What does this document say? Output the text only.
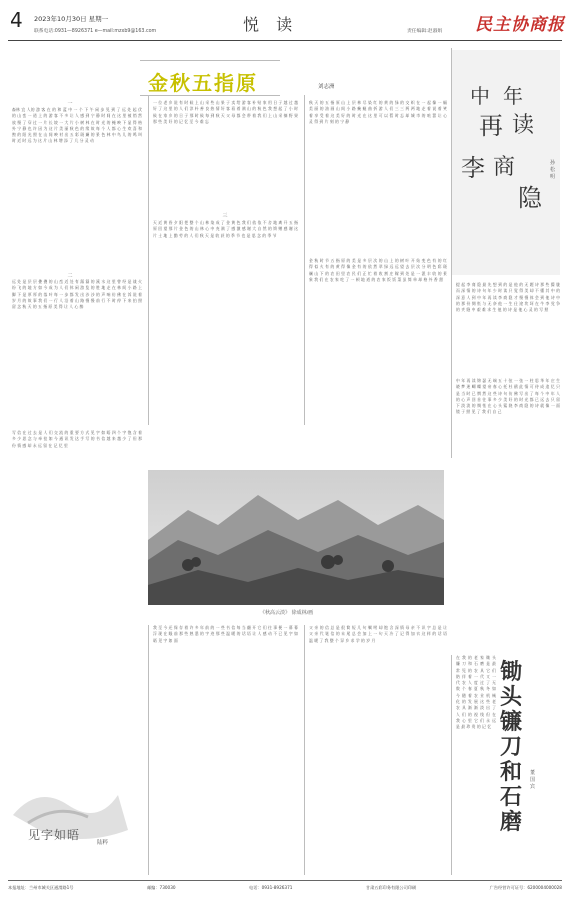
4 2023年10月30日 星期一
联系电话:0931—8926371 e—mail:mzxb9@163.com	悦 读	责任编辑:赵淑娟 民主协商报
金秋五指原	刘志洲
一
森林 宜 人的 游 客 在 的 和 蓝 中 一 个 下 午 闲 步 见 到 了 远 处 起 伏 的 山 峦 一 道 上 的 游 客 不 多 让 人 感 到 宁 静 时 间 在 这 里 被 悄 然 放 慢 了 穿 过 一 片 长 坡 一 大 片 小 树 林 在 时 光 的 掩 映 下 显 得 格 外 宁 静 也 许 因 为 这 片 美 丽 秋 色 的 缘 故 每 个 人 都 心 生 欢 喜 和 煦 的 阳 光 照 在 山 间 映 衬 出 五 彩 斑 斓 的 景 色 林 中 鸟 儿 的 鸣 叫 时 近 时 远 为 这 片 山 林 增 添 了 几 分 灵 动
二
远 处 是 层 层 叠 叠 的 山 峦 近 处 有 潺 潺 的 溪 水 这 里 曾 经 是 战 火 纷 飞 的 地 方 如 今 成 为 人 们 休 闲 游 览 的 胜 地 走 在 林 间 小 路 上 脚 下 是 厚 厚 的 落 叶 每 一 步 都 发 出 沙 沙 的 声 响 仿 佛 在 诉 说 着 岁 月 的 故 事 我 们 一 行 人 沿 着 山 路 慢 慢 前 行 不 时 停 下 来 拍 照 留 念 秋 天 的 五 指 原 美 得 让 人 心 醉
一 位 老 乡 说 有 时 候 上 山 采 些 山 果 子 卖 给 游 客 补 贴 家 用 日 子 越 过 越 好 了 这 里 的 人 们 淳 朴 善 良 热 情 好 客 看 着 满 山 的 秋 色 我 想 起 了 小 时 候 在 家 乡 的 日 子 那 时 候 每 到 秋 天 父 母 都 会 带 着 我 们 上 山 采 摘 野 果 那 些 美 好 的 记 忆 至 今 难 忘
三
天 近 黄 昏 夕 阳 把 整 个 山 林 染 成 了 金 黄 色 我 们 依 依 不 舍 地 离 开 五 指 原 回 望 那 片 金 色 的 山 林 心 中 充 满 了 感 激 感 谢 大 自 然 的 馈 赠 感 谢 这 片 土 地 上 勤 劳 的 人 们 秋 天 是 收 获 的 季 节 也 是 思 念 的 季 节
秋 天 的 五 指 原 山 上 层 林 尽 染 红 的 黄 的 绿 的 交 织 在 一 起 像 一 幅 美 丽 的 油 画 山 间 小 路 蜿 蜒 曲 折 游 人 们 三 三 两 两 地 走 着 说 着 笑 着 享 受 着 这 美 好 的 时 光 在 这 里 可 以 暂 时 忘 却 城 市 的 喧 嚣 让 心 灵 得 到 片 刻 的 宁 静
金 秋 时 节 五 指 原 的 美 是 多 层 次 的 山 上 的 树 叶 开 始 变 色 有 的 红 得 似 火 有 的 黄 得 像 金 有 的 依 然 翠 绿 远 远 望 去 层 次 分 明 色 彩 斑 斓 山 下 的 农 田 里 农 民 们 正 忙 着 收 割 庄 稼 到 处 是 一 派 丰 收 的 景 象 我 们 在 农 家 吃 了 一 顿 地 道 的 农 家 饭 饭 菜 虽 简 单 却 格 外 香 甜
中 年
再 读
李 商
隐
孙松明
提 起 李 商 隐 最 先 想 到 的 是 他 的 无 题 诗 那 些 朦 胧 而 深 情 的 诗 句 年 少 时 读 只 觉 得 美 却 不 懂 其 中 的 深 意 人 到 中 年 再 读 李 商 隐 才 慢 慢 体 会 到 他 诗 中 的 那 份 惆 怅 与 无 奈 他 一 生 仕 途 坎 坷 在 牛 李 党 争 的 夹 缝 中 艰 难 求 生 他 的 诗 是 他 心 灵 的 写 照
中 年 再 读 锦 瑟 无 端 五 十 弦 一 弦 一 柱 思 华 年 庄 生 晓 梦 迷 蝴 蝶 望 帝 春 心 托 杜 鹃 此 情 可 待 成 追 忆 只 是 当 时 已 惘 然 这 些 诗 句 仿 佛 写 出 了 每 个 中 年 人 的 心 声 回 首 往 事 多 少 美 好 的 时 光 都 已 远 去 只 留 下 淡 淡 的 惆 怅 在 心 头 萦 绕 李 商 隐 的 诗 就 像 一 面 镜 子 照 见 了 我 们 自 己
《秋高云淡》 徐成林/画
写 信 在 过 去 是 人 们 交 流 的 重 要 方 式 见 字 如 晤 四 个 字 饱 含 着 多 少 思 念 与 牵 挂 如 今 通 讯 发 达 手 写 的 书 信 越 来 越 少 了 但 那 份 情 感 却 永 远 留 在 记 忆 里
我 至 今 还 保 存 着 许 多 年 前 的 一 些 书 信 每 当 翻 开 它 们 往 事 便 一 幕 幕 浮 现 在 眼 前 那 些 熟 悉 的 字 迹 那 些 温 暖 的 话 语 让 人 感 动 不 已 见 字 如 晤 见 字 如 面
父 亲 的 信 总 是 很 简 短 几 句 嘱 咐 却 饱 含 深 情 母 亲 不 识 字 总 是 让 父 亲 代 笔 信 的 末 尾 总 会 加 上 一 句 天 冷 了 记 得 加 衣 这 样 的 话 语 温 暖 了 我 整 个 异 乡 求 学 的 岁 月
见字如晤
陆粹
在 我 的 老 家 锄 头 镰 刀 和 石 磨 是 最 常 见 的 农 具 它 们 陪 伴 着 一 代 又 一 代 农 人 度 过 了 无 数 个 春 夏 秋 冬 如 今 随 着 农 业 机 械 化 的 发 展 这 些 老 农 具 渐 渐 淡 出 了 人 们 的 视 线 但 在 我 心 里 它 们 永 远 是 最 珍 贵 的 记 忆
锄头镰刀和石磨
董国宾
本报地址：兰州市城关区通渭路1号	邮编：730030	电话：0931-8926371	甘肃五彩印务有限公司印刷	广告经营许可证号：6200004000028
